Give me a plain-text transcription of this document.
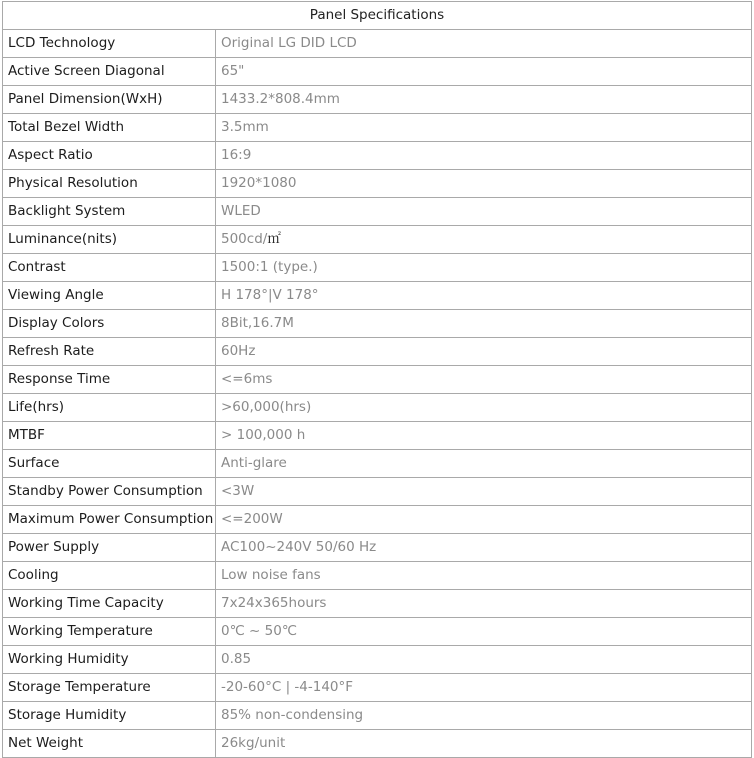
Panel Specifications	
LCD Technology	Original LG DID LCD
Active Screen Diagonal	65"
Panel Dimension(WxH)	1433.2*808.4mm
Total Bezel Width	3.5mm
Aspect Ratio	16:9
Physical Resolution	1920*1080
Backlight System	WLED
Luminance(nits)	500cd/㎡
Contrast	1500:1 (type.)
Viewing Angle	H 178°|V 178°
Display Colors	8Bit,16.7M
Refresh Rate	60Hz
Response Time	<=6ms
Life(hrs)	>60,000(hrs)
MTBF	> 100,000 h
Surface	Anti-glare
Standby Power Consumption	<3W
Maximum Power Consumption	<=200W
Power Supply	AC100~240V 50/60 Hz
Cooling	Low noise fans
Working Time Capacity	7x24x365hours
Working Temperature	0℃ ~ 50℃
Working Humidity	0.85
Storage Temperature	-20-60°C | -4-140°F
Storage Humidity	85% non-condensing
Net Weight	26kg/unit
